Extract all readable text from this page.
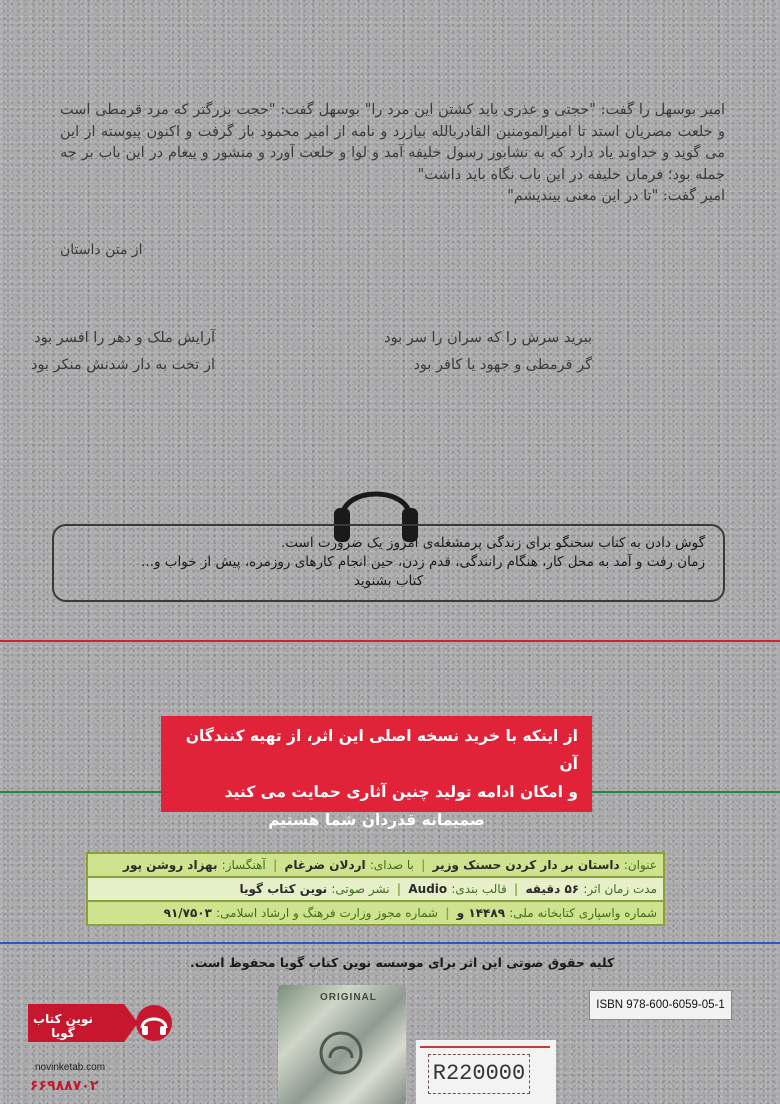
امیر بوسهل را گفت: "حجتی و عذری باید کشتن این مرد را" بوسهل گفت: "حجت بزرگتر که مرد قرمطی است و خلعت مصریان استد تا امیرالمومنین القادربالله بیازرد و نامه از امیر محمود باز گرفت و اکنون پیوسته از این می گوید و خداوند یاد دارد که به نشابور رسول خلیفه آمد و لوا و خلعت آورد و منشور و پیغام در این باب بر چه جمله بود؛ فرمان خلیفه در این باب نگاه باید داشت"

امیر گفت: "تا در این معنی بیندیشم"

از متن داستان
ببرید سرش را که سران را سر بود
آرایش ملک و دهر را افسر بود
گر قرمطی و جهود یا کافر بود
از تخت به دار شدنش منکر بود
گوش دادن به کتاب سخنگو برای زندگی پرمشغله‌ی امروز یک ضرورت است.
زمان رفت و آمد به محل کار، هنگام رانندگی، قدم زدن، حین انجام کارهای روزمره، پیش از خواب و...
کتاب بشنوید
از اینکه با خرید نسخه اصلی این اثر، از تهیه کنندگان آن
و امکان ادامه تولید چنین آثاری حمایت می کنید
صمیمانه قدردان شما هستیم
عنوان: داستان بر دار کردن حسنک وزیر | با صدای: اردلان ضرغام | آهنگساز: بهزاد روشن پور
مدت زمان اثر: ۵۶ دقیقه | قالب بندی: Audio | نشر صوتی: نوین کتاب گویا
شماره واسپاری کتابخانه ملی: ۱۴۴۸۹ و | شماره مجوز وزارت فرهنگ و ارشاد اسلامی: ۹۱/۷۵۰۳
کلیه حقوق صوتی این اثر برای موسسه نوین کتاب گویا محفوظ است.
نوین کتاب گویا
novinketab.com
۶۶۹۸۸۷۰۲
ORIGINAL
ISBN 978-600-6059-05-1
R220000
